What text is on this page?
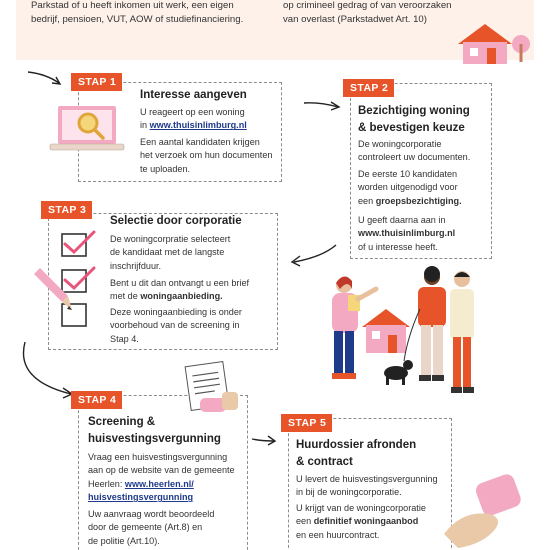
Parkstad of u heeft inkomen uit werk, een eigen
bedrijf, pensioen, VUT, AOW of studiefinanciering.
op crimineel gedrag of van veroorzaken
van overlast (Parkstadwet Art. 10)
STAP 1
Interesse aangeven
U reageert op een woning
in www.thuisinlimburg.nl
Een aantal kandidaten krijgen
het verzoek om hun documenten
te uploaden.
STAP 2
Bezichtiging woning
& bevestigen keuze
De woningcorporatie
controleert uw documenten.
De eerste 10 kandidaten
worden uitgenodigd voor
een groepsbezichtiging.
U geeft daarna aan in
www.thuisinlimburg.nl
of u interesse heeft.
STAP 3
Selectie door corporatie
De woningcorpratie selecteert
de kandidaat met de langste
inschrijfduur.
Bent u dit dan ontvangt u een brief
met de woningaanbieding.
Deze woningaanbieding is onder
voorbehoud van de screening in
Stap 4.
STAP 4
Screening &
huisvestingsvergunning
Vraag een huisvestingsvergunning
aan op de website van de gemeente
Heerlen: www.heerlen.nl/
huisvestingsvergunning
Uw aanvraag wordt beoordeeld
door de gemeente (Art.8) en
de politie (Art.10).
STAP 5
Huurdossier afronden
& contract
U levert de huisvestingsvergunning
in bij de woningcorporatie.
U krijgt van de woningcorporatie
een definitief woningaanbod
en een huurcontract.
